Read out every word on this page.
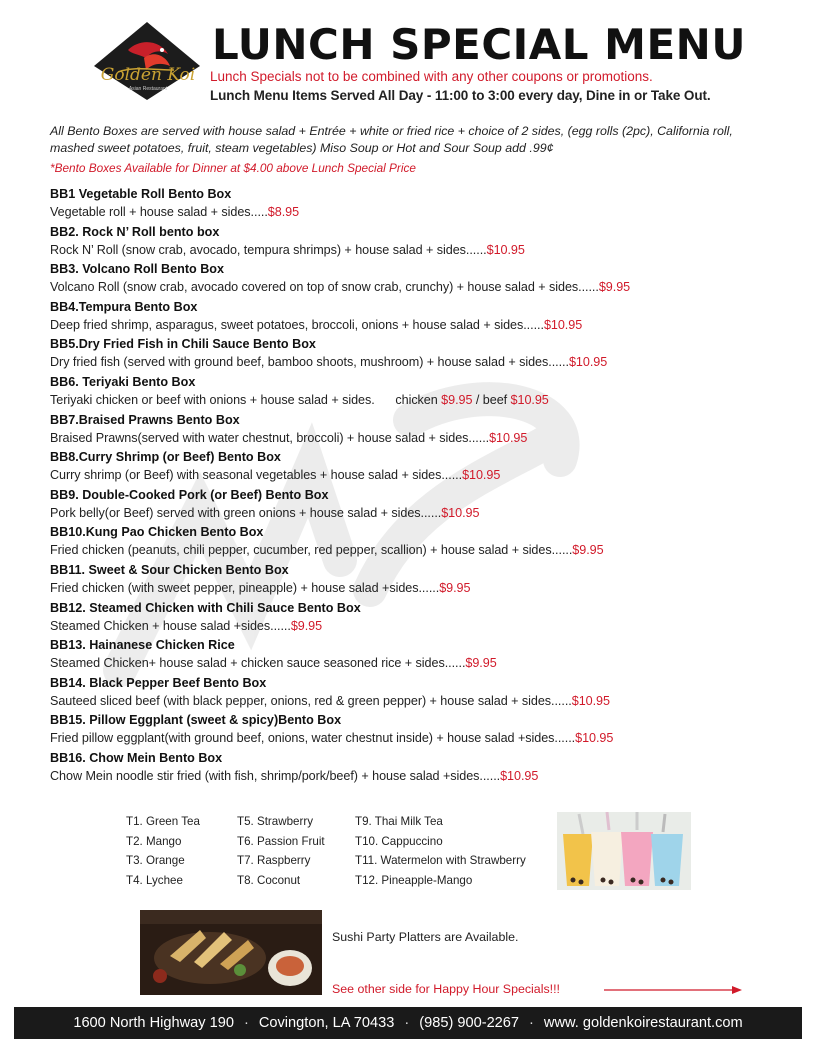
Golden Koi
Asian Restaurant
LUNCH SPECIAL MENU
Lunch Specials not to be combined with any other coupons or promotions.
Lunch Menu Items Served All Day - 11:00 to 3:00 every day, Dine in or Take Out.
All Bento Boxes are served with house salad + Entrée + white or fried rice + choice of 2 sides, (egg rolls (2pc), California roll, mashed sweet potatoes, fruit, steam vegetables) Miso Soup or Hot and Sour Soup add .99¢
*Bento Boxes Available for Dinner at $4.00 above Lunch Special Price
BB1 Vegetable Roll Bento Box
Vegetable roll + house salad + sides.....$8.95
BB2. Rock N’ Roll bento box
Rock N’ Roll (snow crab, avocado, tempura shrimps) + house salad + sides......$10.95
BB3. Volcano Roll Bento Box
Volcano Roll (snow crab, avocado covered on top of snow crab, crunchy) + house salad + sides......$9.95
BB4.Tempura Bento Box
Deep fried shrimp, asparagus, sweet potatoes, broccoli, onions + house salad + sides......$10.95
BB5.Dry Fried Fish in Chili Sauce Bento Box
Dry fried fish (served with ground beef, bamboo shoots, mushroom) + house salad + sides......$10.95
BB6. Teriyaki Bento Box
Teriyaki chicken or beef with onions + house salad + sides.      chicken $9.95 / beef $10.95
BB7.Braised Prawns Bento Box
Braised Prawns(served with water chestnut, broccoli) + house salad + sides......$10.95
BB8.Curry Shrimp (or Beef) Bento Box
Curry shrimp (or Beef) with seasonal vegetables + house salad + sides......$10.95
BB9. Double-Cooked Pork (or Beef) Bento Box
Pork belly(or Beef) served with green onions + house salad + sides......$10.95
BB10.Kung Pao Chicken Bento Box
Fried chicken (peanuts, chili pepper, cucumber, red pepper, scallion) + house salad + sides......$9.95
BB11. Sweet & Sour Chicken Bento Box
Fried chicken (with sweet pepper, pineapple) + house salad +sides......$9.95
BB12. Steamed Chicken with Chili Sauce Bento Box
Steamed Chicken + house salad +sides......$9.95
BB13. Hainanese Chicken Rice
Steamed Chicken+ house salad + chicken sauce seasoned rice + sides......$9.95
BB14. Black Pepper Beef Bento Box
Sauteed sliced beef (with black pepper, onions, red & green pepper) + house salad + sides......$10.95
BB15. Pillow Eggplant (sweet & spicy)Bento Box
Fried pillow eggplant(with ground beef, onions, water chestnut inside) + house salad +sides......$10.95
BB16. Chow Mein Bento Box
Chow Mein noodle stir fried (with fish, shrimp/pork/beef) + house salad +sides......$10.95
T1. Green Tea
T2. Mango
T3. Orange
T4. Lychee
T5. Strawberry
T6. Passion Fruit
T7. Raspberry
T8. Coconut
T9. Thai Milk Tea
T10. Cappuccino
T11. Watermelon with Strawberry
T12. Pineapple-Mango
Sushi Party Platters are Available.
See other side for Happy Hour Specials!!!
1600 North Highway 190 · Covington, LA 70433 · (985) 900-2267 · www. goldenkoirestaurant.com
